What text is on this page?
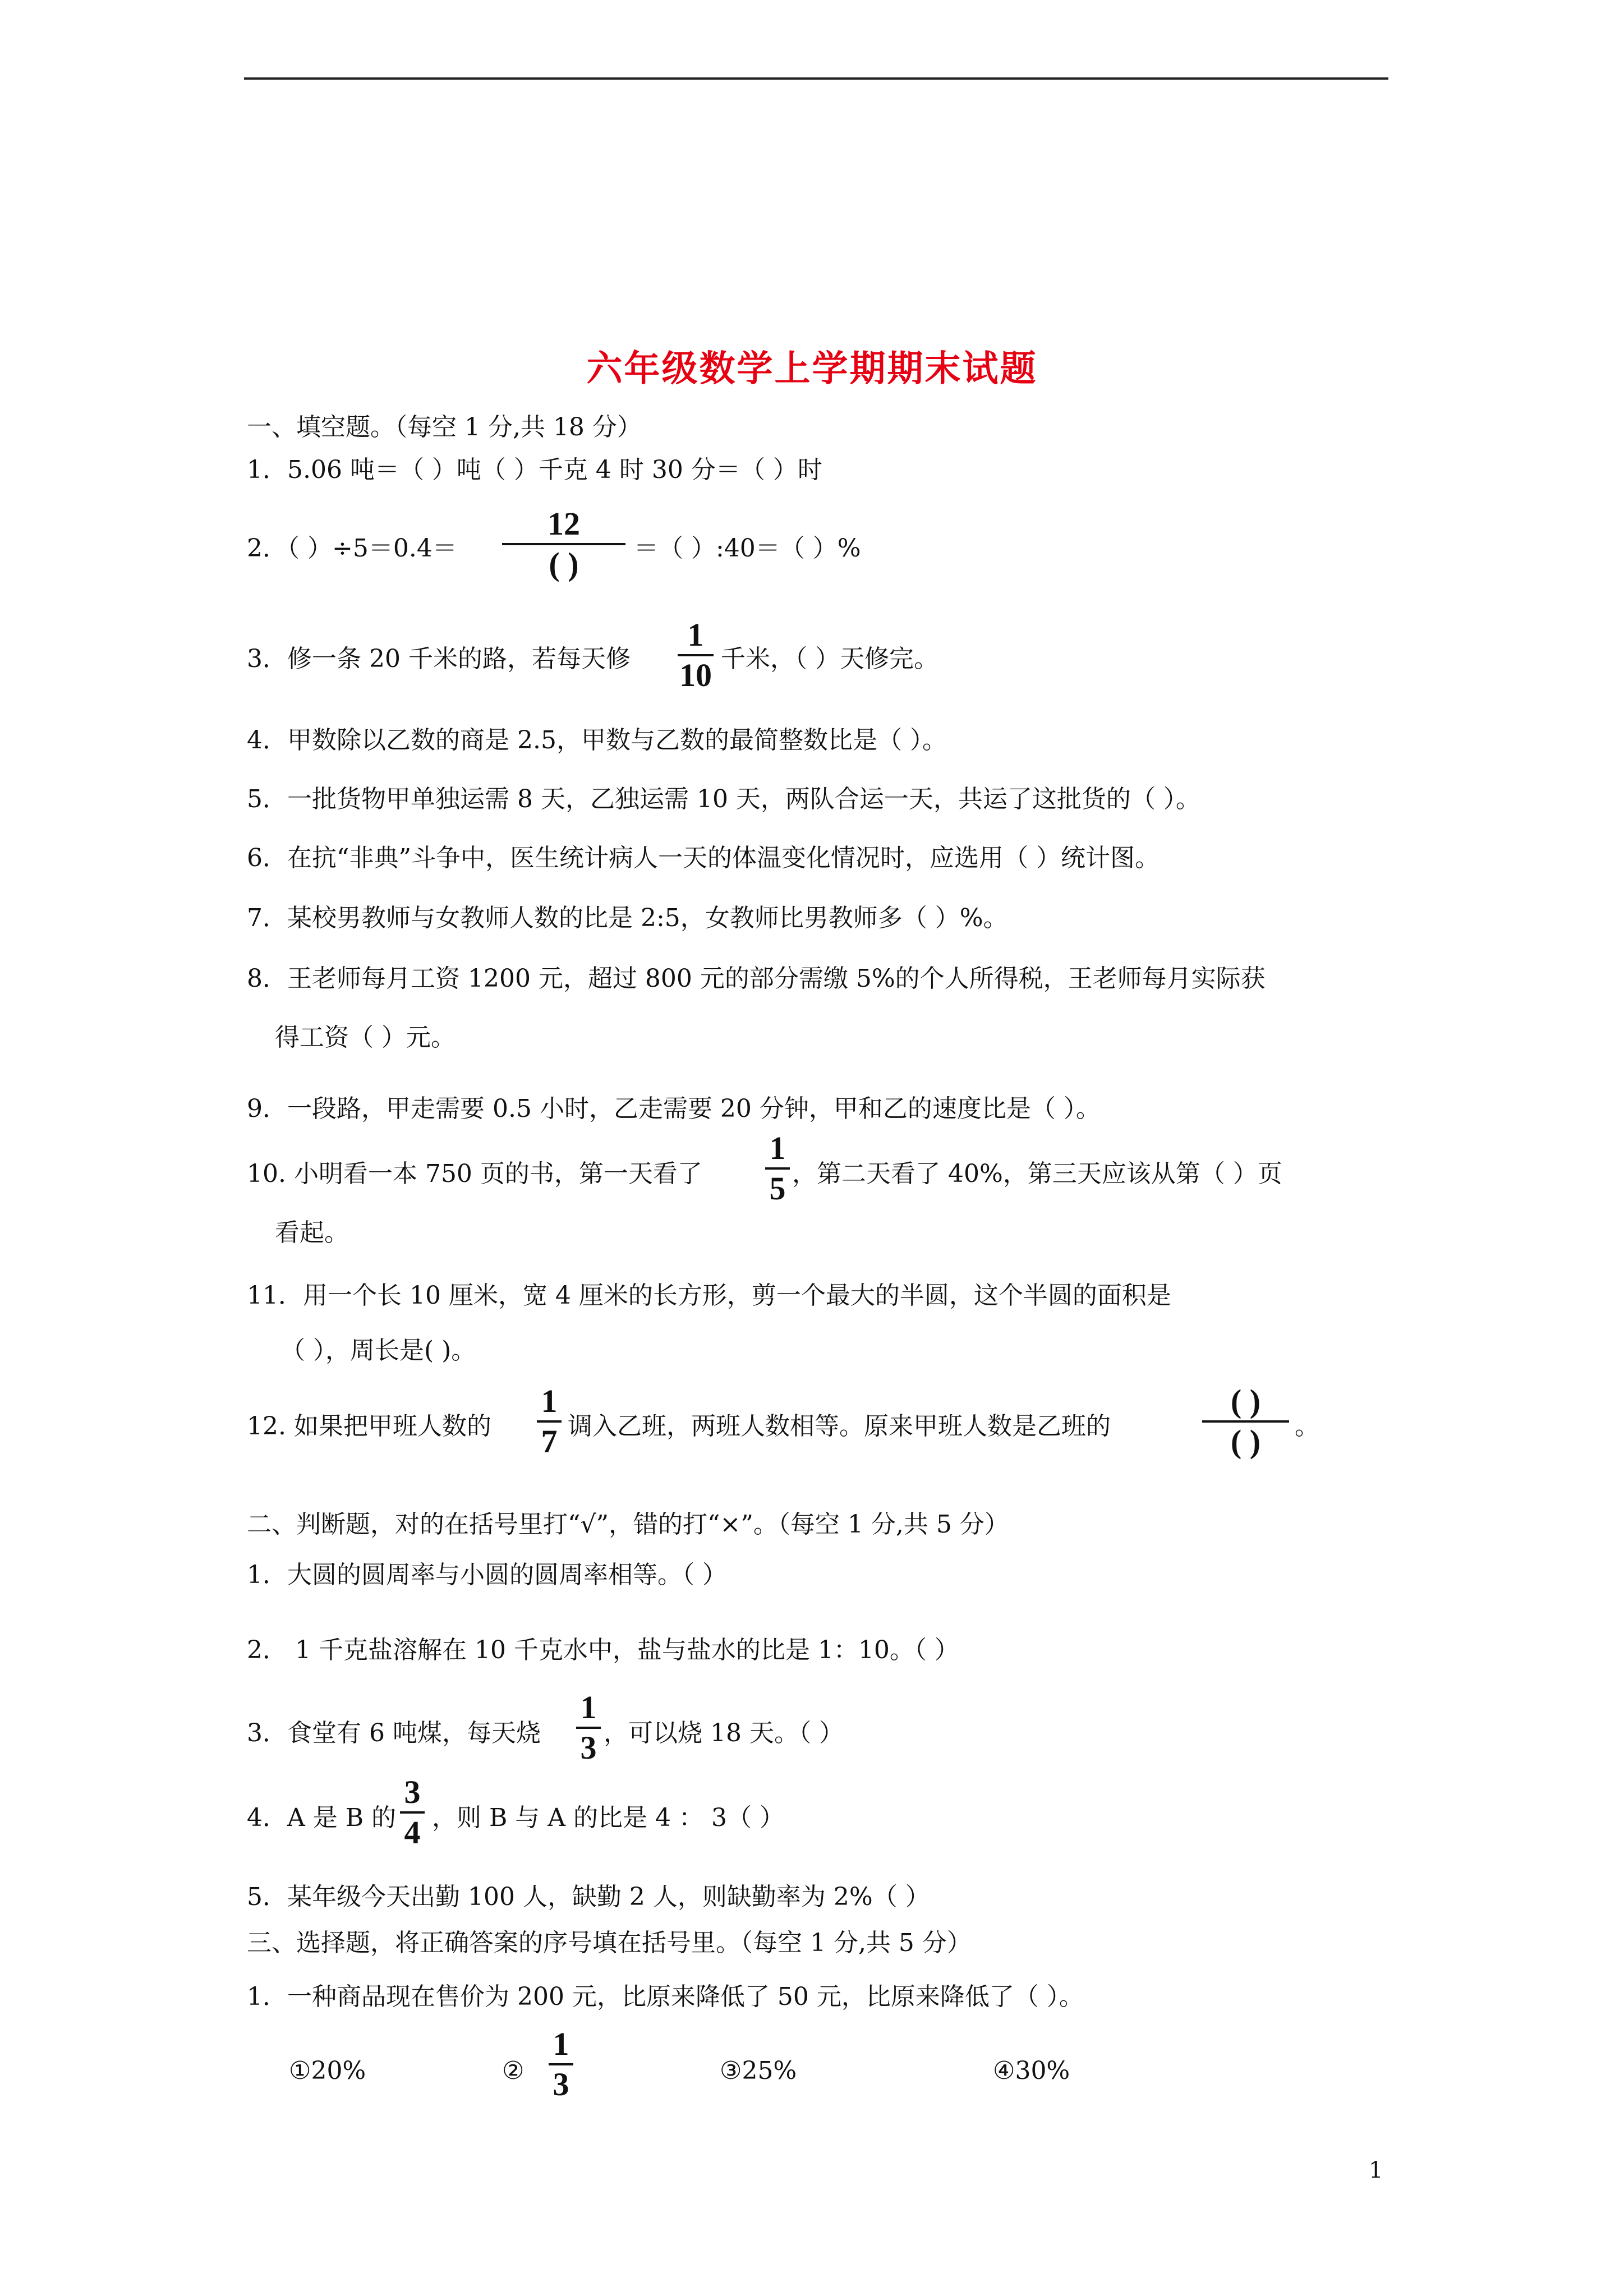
六年级数学上学期期末试题
一、填空题。（每空 1 分,共 18 分）
1．5.06 吨＝（ ）吨（ ）千克 4 时 30 分＝（ ）时
2．（ ）÷5＝0.4＝
12
( ) ＝（ ）:40＝（ ）%
3．修一条 20 千米的路，若每天修
1
10 千米，（ ）天修完。
4．甲数除以乙数的商是 2.5，甲数与乙数的最简整数比是（ ）。
5．一批货物甲单独运需 8 天，乙独运需 10 天，两队合运一天，共运了这批货的（ ）。
6．在抗“非典”斗争中，医生统计病人一天的体温变化情况时，应选用（ ）统计图。
7．某校男教师与女教师人数的比是 2:5，女教师比男教师多（ ）%。
8．王老师每月工资 1200 元，超过 800 元的部分需缴 5%的个人所得税，王老师每月实际获
得工资（ ）元。
9．一段路，甲走需要 0.5 小时，乙走需要 20 分钟，甲和乙的速度比是（ ）。
10. 小明看一本 750 页的书，第一天看了
1
5 ，第二天看了 40%，第三天应该从第（ ）页
看起。
11．用一个长 10 厘米，宽 4 厘米的长方形，剪一个最大的半圆，这个半圆的面积是
（ ），周长是( )。
12. 如果把甲班人数的
1
7 调入乙班，两班人数相等。原来甲班人数是乙班的
( )
( ) 。
二、判断题，对的在括号里打“√”，错的打“×”。（每空 1 分,共 5 分）
1．大圆的圆周率与小圆的圆周率相等。（ ）
2． 1 千克盐溶解在 10 千克水中，盐与盐水的比是 1：10。（ ）
3．食堂有 6 吨煤，每天烧
1
3 ，可以烧 18 天。（ ）
4．A 是 B 的
3
4 ，则 B 与 A 的比是 4 ： 3（ ）
5．某年级今天出勤 100 人，缺勤 2 人，则缺勤率为 2%（ ）
三、选择题，将正确答案的序号填在括号里。（每空 1 分,共 5 分）
1．一种商品现在售价为 200 元，比原来降低了 50 元，比原来降低了（ ）。
①20%	②
1
3	③25%	④30%
1
